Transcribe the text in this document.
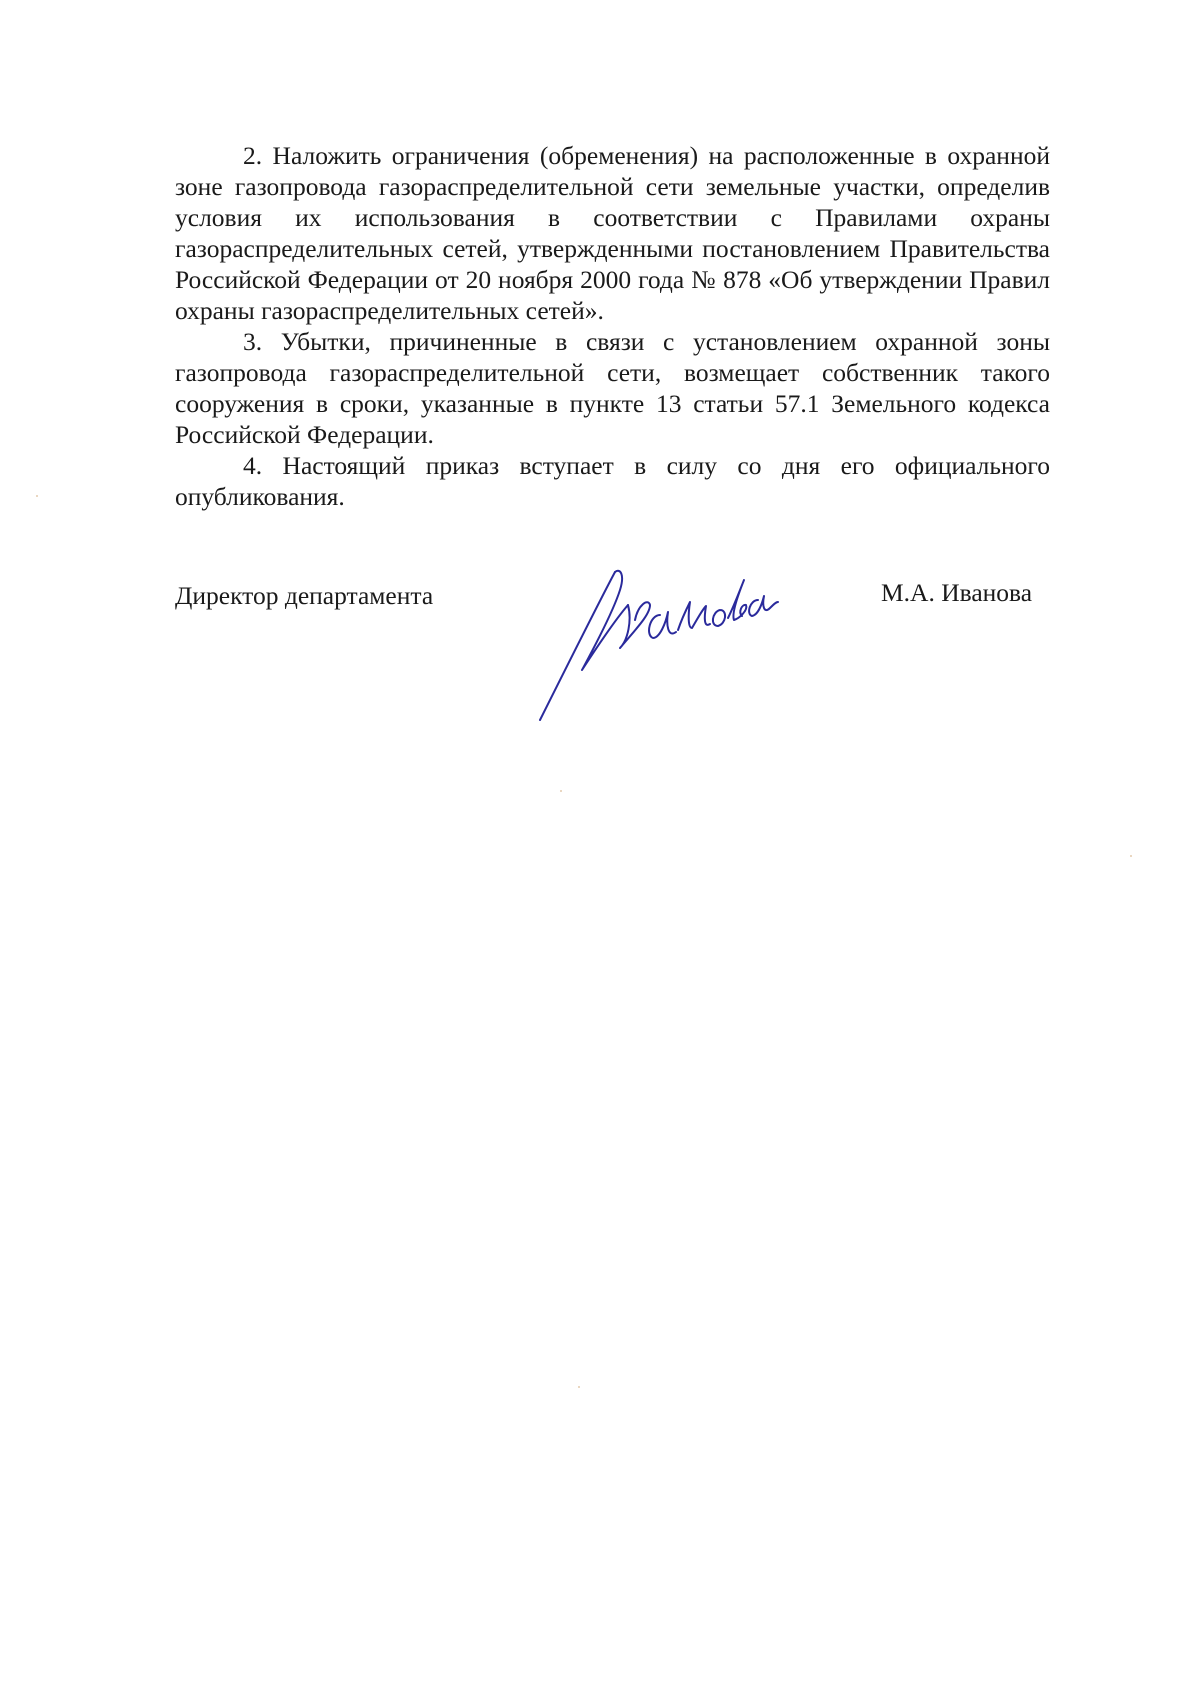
2. Наложить ограничения (обременения) на расположенные в охранной зоне газопровода газораспределительной сети земельные участки, определив условия их использования в соответствии с Правилами охраны газораспределительных сетей, утвержденными постановлением Правительства Российской Федерации от 20 ноября 2000 года № 878 «Об утверждении Правил охраны газораспределительных сетей».

3. Убытки, причиненные в связи с установлением охранной зоны газопровода газораспределительной сети, возмещает собственник такого сооружения в сроки, указанные в пункте 13 статьи 57.1 Земельного кодекса Российской Федерации.

4. Настоящий приказ вступает в силу со дня его официального опубликования.

Директор департамента	М.А. Иванова
